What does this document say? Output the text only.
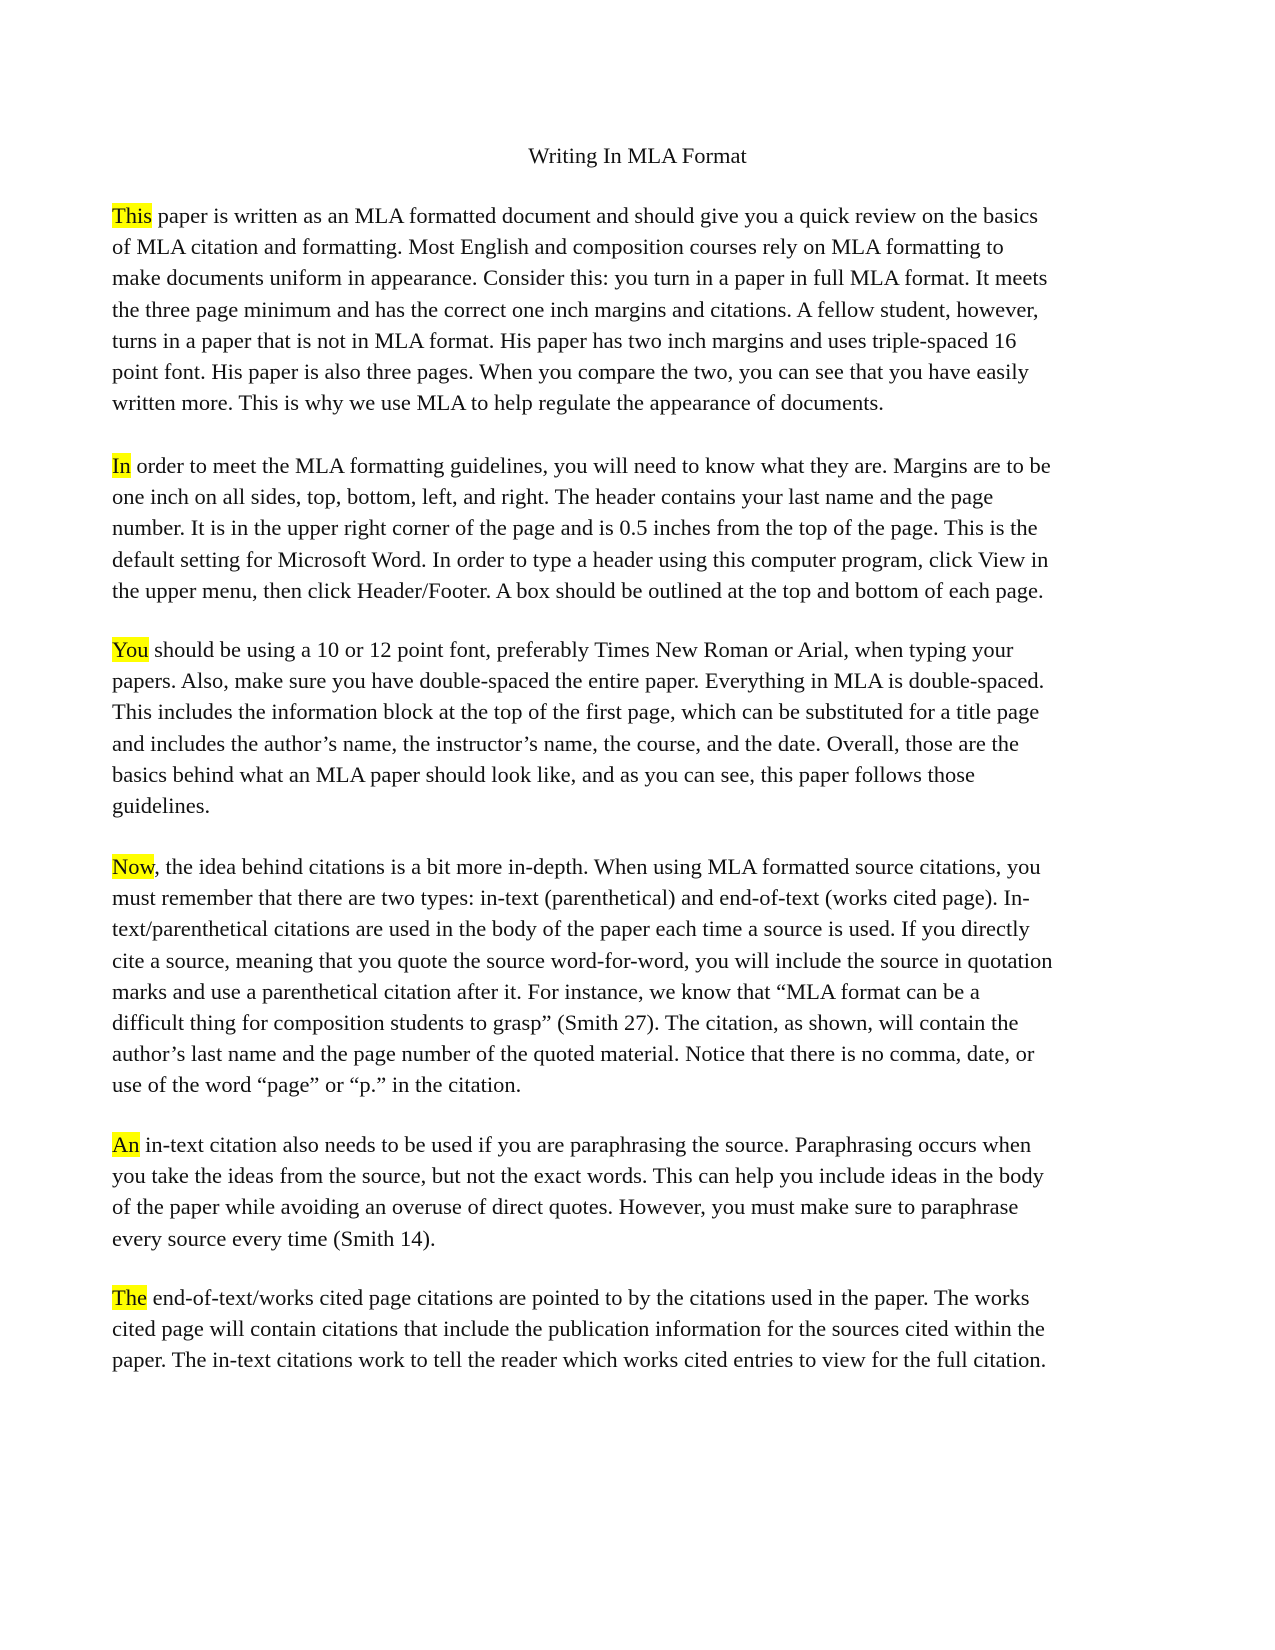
Writing In MLA Format
This paper is written as an MLA formatted document and should give you a quick review on the basics
of MLA citation and formatting. Most English and composition courses rely on MLA formatting to
make documents uniform in appearance. Consider this: you turn in a paper in full MLA format. It meets
the three page minimum and has the correct one inch margins and citations. A fellow student, however,
turns in a paper that is not in MLA format. His paper has two inch margins and uses triple-spaced 16
point font. His paper is also three pages. When you compare the two, you can see that you have easily
written more. This is why we use MLA to help regulate the appearance of documents.
In order to meet the MLA formatting guidelines, you will need to know what they are. Margins are to be
one inch on all sides, top, bottom, left, and right. The header contains your last name and the page
number. It is in the upper right corner of the page and is 0.5 inches from the top of the page. This is the
default setting for Microsoft Word. In order to type a header using this computer program, click View in
the upper menu, then click Header/Footer. A box should be outlined at the top and bottom of each page.
You should be using a 10 or 12 point font, preferably Times New Roman or Arial, when typing your
papers. Also, make sure you have double-spaced the entire paper. Everything in MLA is double-spaced.
This includes the information block at the top of the first page, which can be substituted for a title page
and includes the author’s name, the instructor’s name, the course, and the date. Overall, those are the
basics behind what an MLA paper should look like, and as you can see, this paper follows those
guidelines.
Now, the idea behind citations is a bit more in-depth. When using MLA formatted source citations, you
must remember that there are two types: in-text (parenthetical) and end-of-text (works cited page). In-
text/parenthetical citations are used in the body of the paper each time a source is used. If you directly
cite a source, meaning that you quote the source word-for-word, you will include the source in quotation
marks and use a parenthetical citation after it. For instance, we know that “MLA format can be a
difficult thing for composition students to grasp” (Smith 27). The citation, as shown, will contain the
author’s last name and the page number of the quoted material. Notice that there is no comma, date, or
use of the word “page” or “p.” in the citation.
An in-text citation also needs to be used if you are paraphrasing the source. Paraphrasing occurs when
you take the ideas from the source, but not the exact words. This can help you include ideas in the body
of the paper while avoiding an overuse of direct quotes. However, you must make sure to paraphrase
every source every time (Smith 14).
The end-of-text/works cited page citations are pointed to by the citations used in the paper. The works
cited page will contain citations that include the publication information for the sources cited within the
paper. The in-text citations work to tell the reader which works cited entries to view for the full citation.
